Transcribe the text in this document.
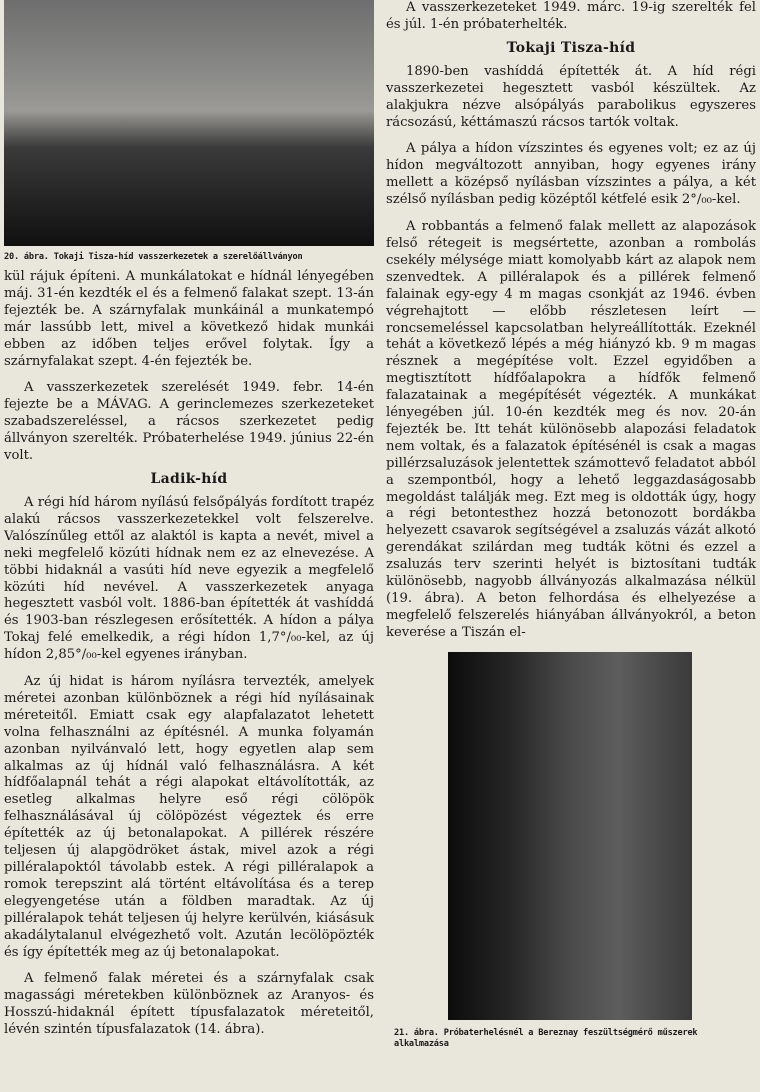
20. ábra. Tokaji Tisza-híd vasszerkezetek a szerelőállványon

kül rájuk építeni. A munkálatokat e hídnál lényegében máj. 31-én kezdték el és a felmenő falakat szept. 13-án fejezték be. A szárnyfalak munkáinál a munkatempó már lassúbb lett, mivel a következő hidak munkái ebben az időben teljes erővel folytak. Így a szárnyfalakat szept. 4-én fejezték be.

A vasszerkezetek szerelését 1949. febr. 14-én fejezte be a MÁVAG. A gerinclemezes szerkezeteket szabadszereléssel, a rácsos szerkezetet pedig állványon szerelték. Próbaterhelése 1949. június 22-én volt.

Ladik-híd

A régi híd három nyílású felsőpályás fordított trapéz alakú rácsos vasszerkezetekkel volt felszerelve. Valószínűleg ettől az alaktól is kapta a nevét, mivel a neki megfelelő közúti hídnak nem ez az elnevezése. A többi hidaknál a vasúti híd neve egyezik a megfelelő közúti híd nevével. A vasszerkezetek anyaga hegesztett vasból volt. 1886-ban építették át vashíddá és 1903-ban részlegesen erősítették. A hídon a pálya Tokaj felé emelkedik, a régi hídon 1,7°/₀₀-kel, az új hídon 2,85°/₀₀-kel egyenes irányban.

Az új hidat is három nyílásra tervezték, amelyek méretei azonban különböznek a régi híd nyílásainak méreteitől. Emiatt csak egy alapfalazatot lehetett volna felhasználni az építésnél. A munka folyamán azonban nyilvánvaló lett, hogy egyetlen alap sem alkalmas az új hídnál való felhasználásra. A két hídfőalapnál tehát a régi alapokat eltávolították, az esetleg alkalmas helyre eső régi cölöpök felhasználásával új cölöpözést végeztek és erre építették az új betonalapokat. A pillérek részére teljesen új alapgödröket ástak, mivel azok a régi pilléralapoktól távolabb estek. A régi pilléralapok a romok terepszint alá történt eltávolítása és a terep elegyengetése után a földben maradtak. Az új pilléralapok tehát teljesen új helyre kerülvén, kiásásuk akadálytalanul elvégezhető volt. Azután lecölöpözték és így építették meg az új betonalapokat.

A felmenő falak méretei és a szárnyfalak csak magassági méretekben különböznek az Aranyos- és Hosszú-hidaknál épített típusfalazatok méreteitől, lévén szintén típusfalazatok (14. ábra).

A vasszerkezeteket 1949. márc. 19-ig szerelték fel és júl. 1-én próbaterhelték.

Tokaji Tisza-híd

1890-ben vashíddá építették át. A híd régi vasszerkezetei hegesztett vasból készültek. Az alakjukra nézve alsópályás parabolikus egyszeres rácsozású, kéttámaszú rácsos tartók voltak.

A pálya a hídon vízszintes és egyenes volt; ez az új hídon megváltozott annyiban, hogy egyenes irány mellett a középső nyílásban vízszintes a pálya, a két szélső nyílásban pedig középtől kétfelé esik 2°/₀₀-kel.

A robbantás a felmenő falak mellett az alapozások felső rétegeit is megsértette, azonban a rombolás csekély mélysége miatt komolyabb kárt az alapok nem szenvedtek. A pilléralapok és a pillérek felmenő falainak egy-egy 4 m magas csonkját az 1946. évben végrehajtott — előbb részletesen leírt — roncsemeléssel kapcsolatban helyreállították. Ezeknél tehát a következő lépés a még hiányzó kb. 9 m magas résznek a megépítése volt. Ezzel egyidőben a megtisztított hídfőalapokra a hídfők felmenő falazatainak a megépítését végezték. A munkákat lényegében júl. 10-én kezdték meg és nov. 20-án fejezték be. Itt tehát különösebb alapozási feladatok nem voltak, és a falazatok építésénél is csak a magas pillérzsaluzások jelentettek számottevő feladatot abból a szempontból, hogy a lehető leggazdaságosabb megoldást találják meg. Ezt meg is oldották úgy, hogy a régi betontesthez hozzá betonozott bordákba helyezett csavarok segítségével a zsaluzás vázát alkotó gerendákat szilárdan meg tudták kötni és ezzel a zsaluzás terv szerinti helyét is biztosítani tudták különösebb, nagyobb állványozás alkalmazása nélkül (19. ábra). A beton felhordása és elhelyezése a megfelelő felszerelés hiányában állványokról, a beton keverése a Tiszán el-

21. ábra. Próbaterhelésnél a Bereznay feszültségmérő műszerek alkalmazása
